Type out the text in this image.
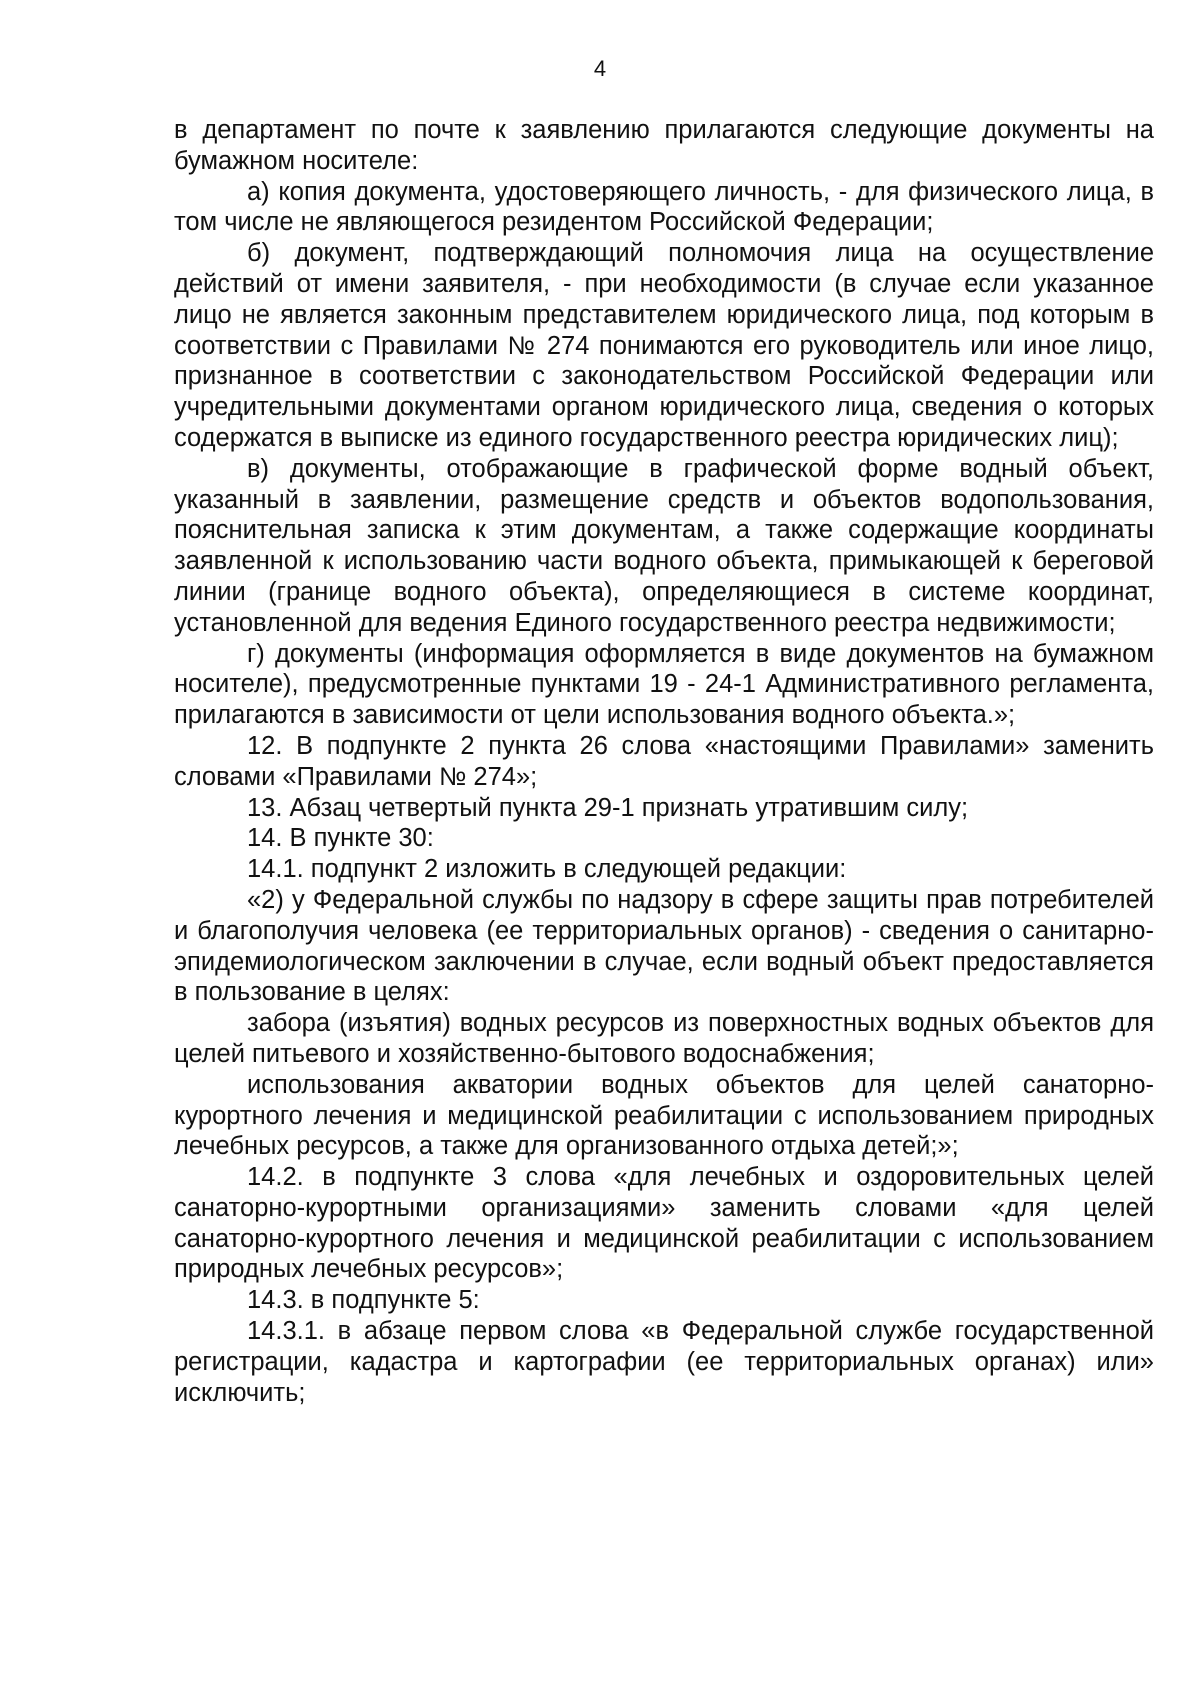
4

в департамент по почте к заявлению прилагаются следующие документы на бумажном носителе:

а) копия документа, удостоверяющего личность, - для физического лица, в том числе не являющегося резидентом Российской Федерации;

б) документ, подтверждающий полномочия лица на осуществление действий от имени заявителя, - при необходимости (в случае если указанное лицо не является законным представителем юридического лица, под которым в соответствии с Правилами № 274 понимаются его руководитель или иное лицо, признанное в соответствии с законодательством Российской Федерации или учредительными документами органом юридического лица, сведения о которых содержатся в выписке из единого государственного реестра юридических лиц);

в) документы, отображающие в графической форме водный объект, указанный в заявлении, размещение средств и объектов водопользования, пояснительная записка к этим документам, а также содержащие координаты заявленной к использованию части водного объекта, примыкающей к береговой линии (границе водного объекта), определяющиеся в системе координат, установленной для ведения Единого государственного реестра недвижимости;

г) документы (информация оформляется в виде документов на бумажном носителе), предусмотренные пунктами 19 - 24-1 Административного регламента, прилагаются в зависимости от цели использования водного объекта.»;

12. В подпункте 2 пункта 26 слова «настоящими Правилами» заменить словами «Правилами № 274»;

13. Абзац четвертый пункта 29-1 признать утратившим силу;

14. В пункте 30:

14.1. подпункт 2 изложить в следующей редакции:

«2) у Федеральной службы по надзору в сфере защиты прав потребителей и благополучия человека (ее территориальных органов) - сведения о санитарно-эпидемиологическом заключении в случае, если водный объект предоставляется в пользование в целях:

забора (изъятия) водных ресурсов из поверхностных водных объектов для целей питьевого и хозяйственно-бытового водоснабжения;

использования акватории водных объектов для целей санаторно-курортного лечения и медицинской реабилитации с использованием природных лечебных ресурсов, а также для организованного отдыха детей;»;

14.2. в подпункте 3 слова «для лечебных и оздоровительных целей санаторно-курортными организациями» заменить словами «для целей санаторно-курортного лечения и медицинской реабилитации с использованием природных лечебных ресурсов»;

14.3. в подпункте 5:

14.3.1. в абзаце первом слова «в Федеральной службе государственной регистрации, кадастра и картографии (ее территориальных органах) или» исключить;
